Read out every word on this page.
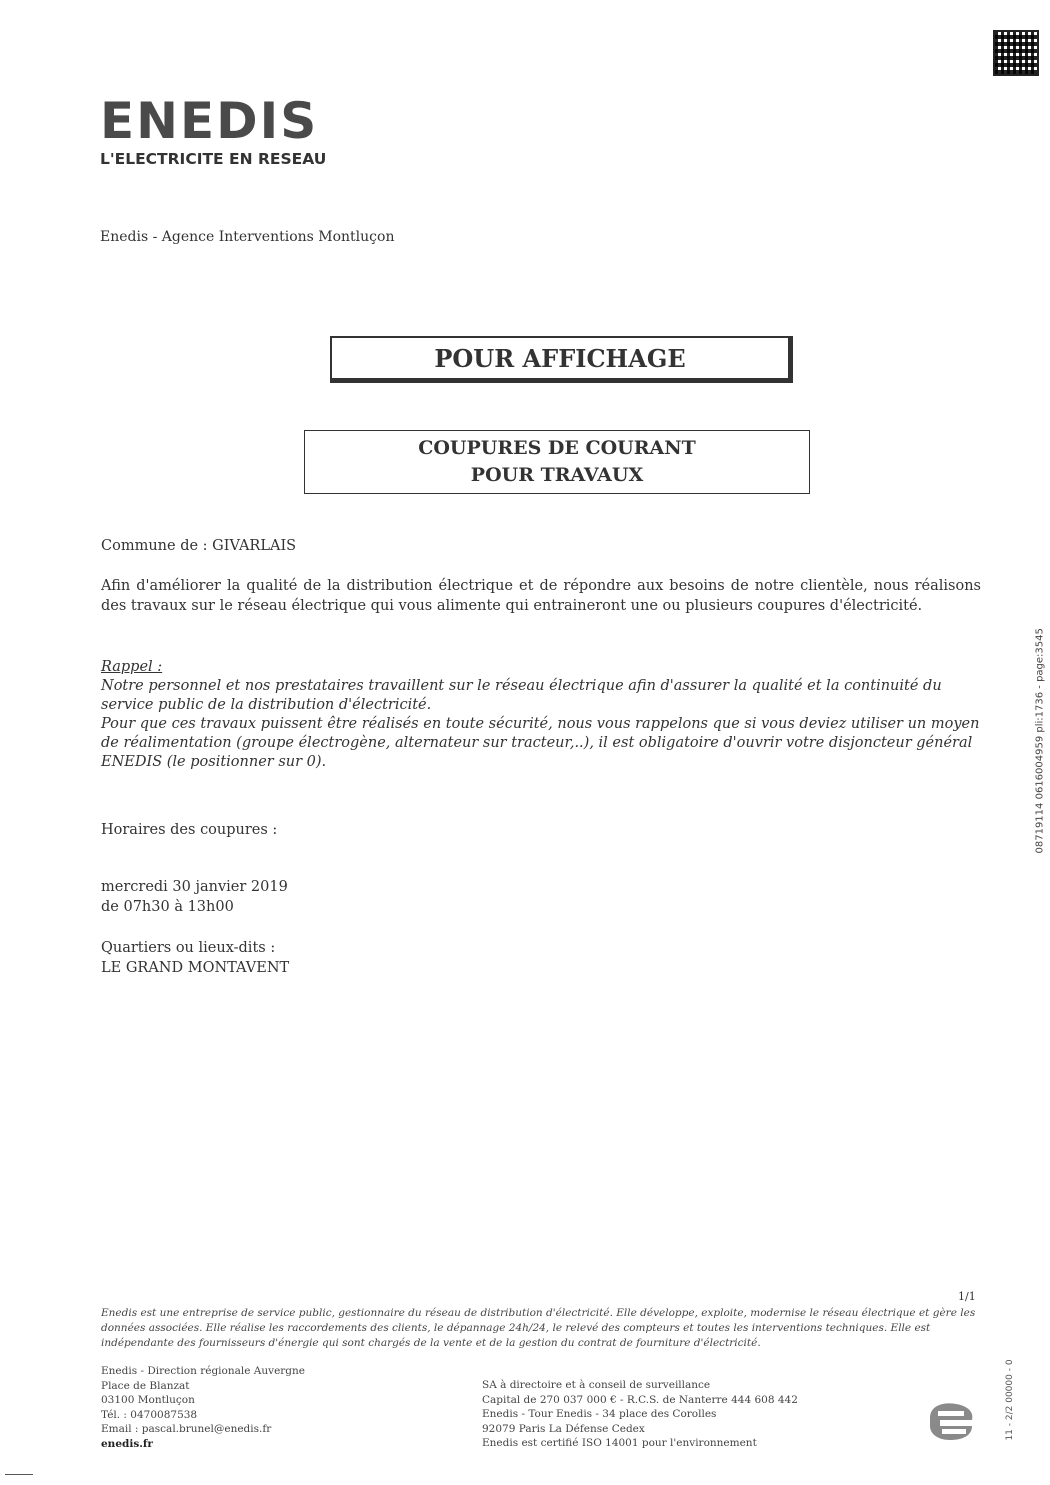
ENEDIS
L'ELECTRICITE EN RESEAU
Enedis - Agence Interventions Montluçon
POUR AFFICHAGE
COUPURES DE COURANT
POUR TRAVAUX
Commune de : GIVARLAIS
Afin d'améliorer la qualité de la distribution électrique et de répondre aux besoins de notre clientèle, nous réalisons des travaux sur le réseau électrique qui vous alimente qui entraineront une ou plusieurs coupures d'électricité.
Rappel :
Notre personnel et nos prestataires travaillent sur le réseau électrique afin d'assurer la qualité et la continuité du service public de la distribution d'électricité.
Pour que ces travaux puissent être réalisés en toute sécurité, nous vous rappelons que si vous deviez utiliser un moyen de réalimentation (groupe électrogène, alternateur sur tracteur,..), il est obligatoire d'ouvrir votre disjoncteur général ENEDIS (le positionner sur 0).
Horaires des coupures :
mercredi 30 janvier 2019
de 07h30 à 13h00
Quartiers ou lieux-dits :
LE GRAND MONTAVENT
08719114 0616004959 pli:1736 - page:3545
1/1
Enedis est une entreprise de service public, gestionnaire du réseau de distribution d'électricité. Elle développe, exploite, modernise le réseau électrique et gère les données associées. Elle réalise les raccordements des clients, le dépannage 24h/24, le relevé des compteurs et toutes les interventions techniques. Elle est indépendante des fournisseurs d'énergie qui sont chargés de la vente et de la gestion du contrat de fourniture d'électricité.
Enedis - Direction régionale Auvergne
Place de Blanzat
03100 Montluçon
Tél. : 0470087538
Email : pascal.brunel@enedis.fr
enedis.fr
SA à directoire et à conseil de surveillance
Capital de 270 037 000 € - R.C.S. de Nanterre 444 608 442
Enedis - Tour Enedis - 34 place des Corolles
92079 Paris La Défense Cedex
Enedis est certifié ISO 14001 pour l'environnement
11 - 2/2 00000 - 0
